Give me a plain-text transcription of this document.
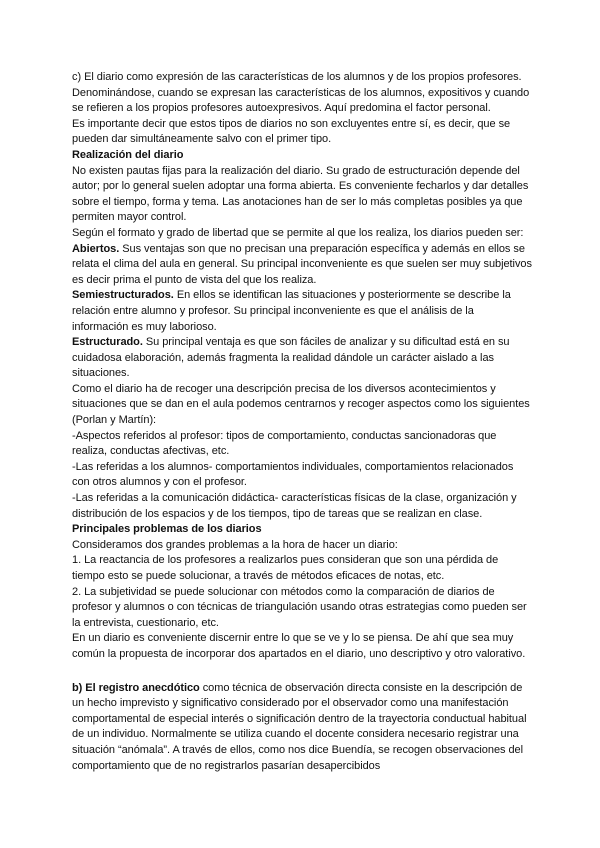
c) El diario como expresión de las características de los alumnos y de los propios profesores. Denominándose, cuando se expresan las características de los alumnos, expositivos y cuando se refieren a los propios profesores autoexpresivos. Aquí predomina el factor personal.

Es importante decir que estos tipos de diarios no son excluyentes entre sí, es decir, que se pueden dar simultáneamente salvo con el primer tipo.

Realización del diario

No existen pautas fijas para la realización del diario. Su grado de estructuración depende del autor; por lo general suelen adoptar una forma abierta. Es conveniente fecharlos y dar detalles sobre el tiempo, forma y tema. Las anotaciones han de ser lo más completas posibles ya que permiten mayor control.

Según el formato y grado de libertad que se permite al que los realiza, los diarios pueden ser:

Abiertos. Sus ventajas son que no precisan una preparación específica y además en ellos se relata el clima del aula en general. Su principal inconveniente es que suelen ser muy subjetivos es decir prima el punto de vista del que los realiza.

Semiestructurados. En ellos se identifican las situaciones y posteriormente se describe la relación entre alumno y profesor. Su principal inconveniente es que el análisis de la información es muy laborioso.

Estructurado. Su principal ventaja es que son fáciles de analizar y su dificultad está en su cuidadosa elaboración, además fragmenta la realidad dándole un carácter aislado a las situaciones.

Como el diario ha de recoger una descripción precisa de los diversos acontecimientos y situaciones que se dan en el aula podemos centrarnos y recoger aspectos como los siguientes (Porlan y Martín):

-Aspectos referidos al profesor: tipos de comportamiento, conductas sancionadoras que realiza, conductas afectivas, etc.

-Las referidas a los alumnos- comportamientos individuales, comportamientos relacionados con otros alumnos y con el profesor.

-Las referidas a la comunicación didáctica- características físicas de la clase, organización y distribución de los espacios y de los tiempos, tipo de tareas que se realizan en clase.

Principales problemas de los diarios

Consideramos dos grandes problemas a la hora de hacer un diario:

1. La reactancia de los profesores a realizarlos pues consideran que son una pérdida de tiempo esto se puede solucionar, a través de métodos eficaces de notas, etc.

2. La subjetividad se puede solucionar con métodos como la comparación de diarios de profesor y alumnos o con técnicas de triangulación usando otras estrategias como pueden ser la entrevista, cuestionario, etc.

En un diario es conveniente discernir entre lo que se ve y lo se piensa. De ahí que sea muy común la propuesta de incorporar dos apartados en el diario, uno descriptivo y otro valorativo.

b) El registro anecdótico como técnica de observación directa consiste en la descripción de un hecho imprevisto y significativo considerado por el observador como una manifestación comportamental de especial interés o significación dentro de la trayectoria conductual habitual de un individuo. Normalmente se utiliza cuando el docente considera necesario registrar una situación “anómala”. A través de ellos, como nos dice Buendía, se recogen observaciones del comportamiento que de no registrarlos pasarían desapercibidos
